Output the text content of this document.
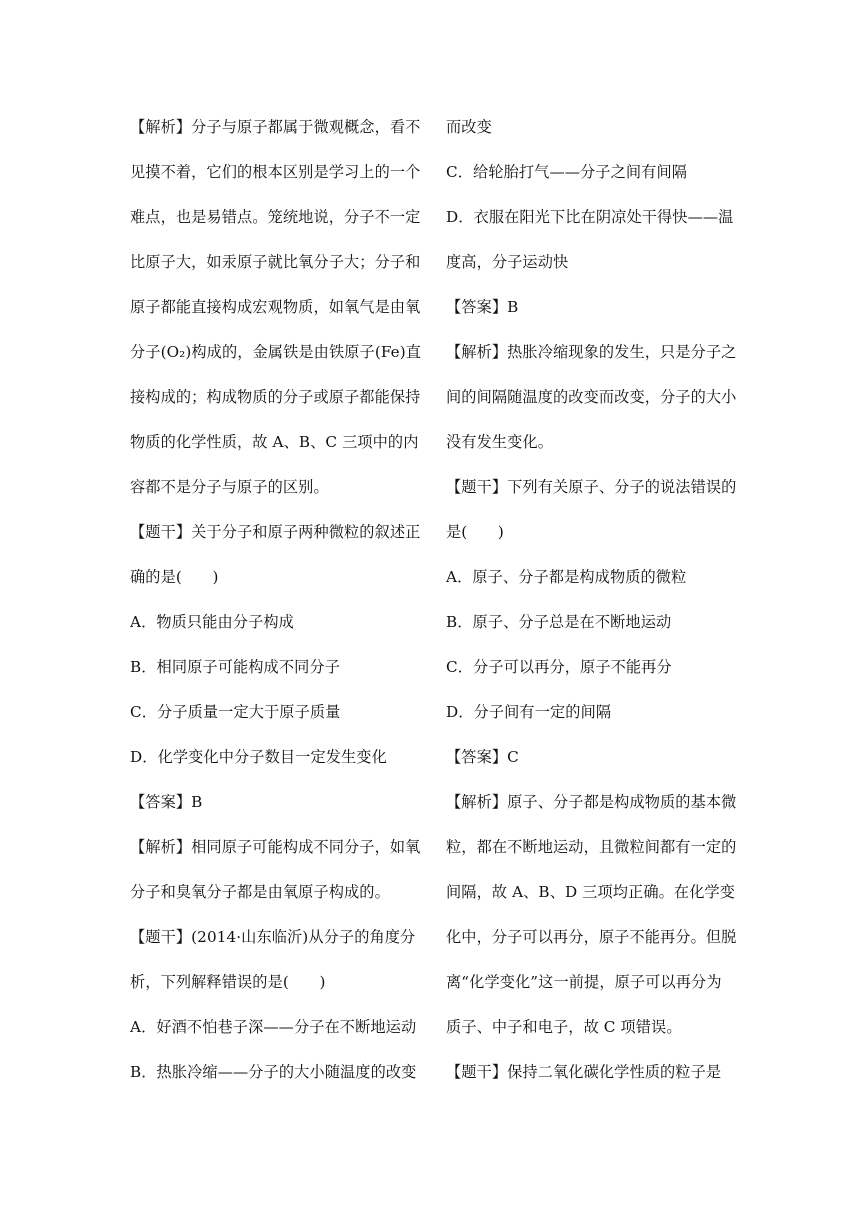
【解析】分子与原子都属于微观概念，看不
见摸不着，它们的根本区别是学习上的一个
难点，也是易错点。笼统地说，分子不一定
比原子大，如汞原子就比氧分子大；分子和
原子都能直接构成宏观物质，如氧气是由氧
分子(O₂)构成的，金属铁是由铁原子(Fe)直
接构成的；构成物质的分子或原子都能保持
物质的化学性质，故 A、B、C 三项中的内
容都不是分子与原子的区别。
【题干】关于分子和原子两种微粒的叙述正
确的是(　　)
A．物质只能由分子构成
B．相同原子可能构成不同分子
C．分子质量一定大于原子质量
D．化学变化中分子数目一定发生变化
【答案】B
【解析】相同原子可能构成不同分子，如氧
分子和臭氧分子都是由氧原子构成的。
【题干】(2014·山东临沂)从分子的角度分
析，下列解释错误的是(　　)
A．好酒不怕巷子深——分子在不断地运动
B．热胀冷缩——分子的大小随温度的改变
而改变
C．给轮胎打气——分子之间有间隔
D．衣服在阳光下比在阴凉处干得快——温
度高，分子运动快
【答案】B
【解析】热胀冷缩现象的发生，只是分子之
间的间隔随温度的改变而改变，分子的大小
没有发生变化。
【题干】下列有关原子、分子的说法错误的
是(　　)
A．原子、分子都是构成物质的微粒
B．原子、分子总是在不断地运动
C．分子可以再分，原子不能再分
D．分子间有一定的间隔
【答案】C
【解析】原子、分子都是构成物质的基本微
粒，都在不断地运动，且微粒间都有一定的
间隔，故 A、B、D 三项均正确。在化学变
化中，分子可以再分，原子不能再分。但脱
离“化学变化”这一前提，原子可以再分为
质子、中子和电子，故 C 项错误。
【题干】保持二氧化碳化学性质的粒子是
